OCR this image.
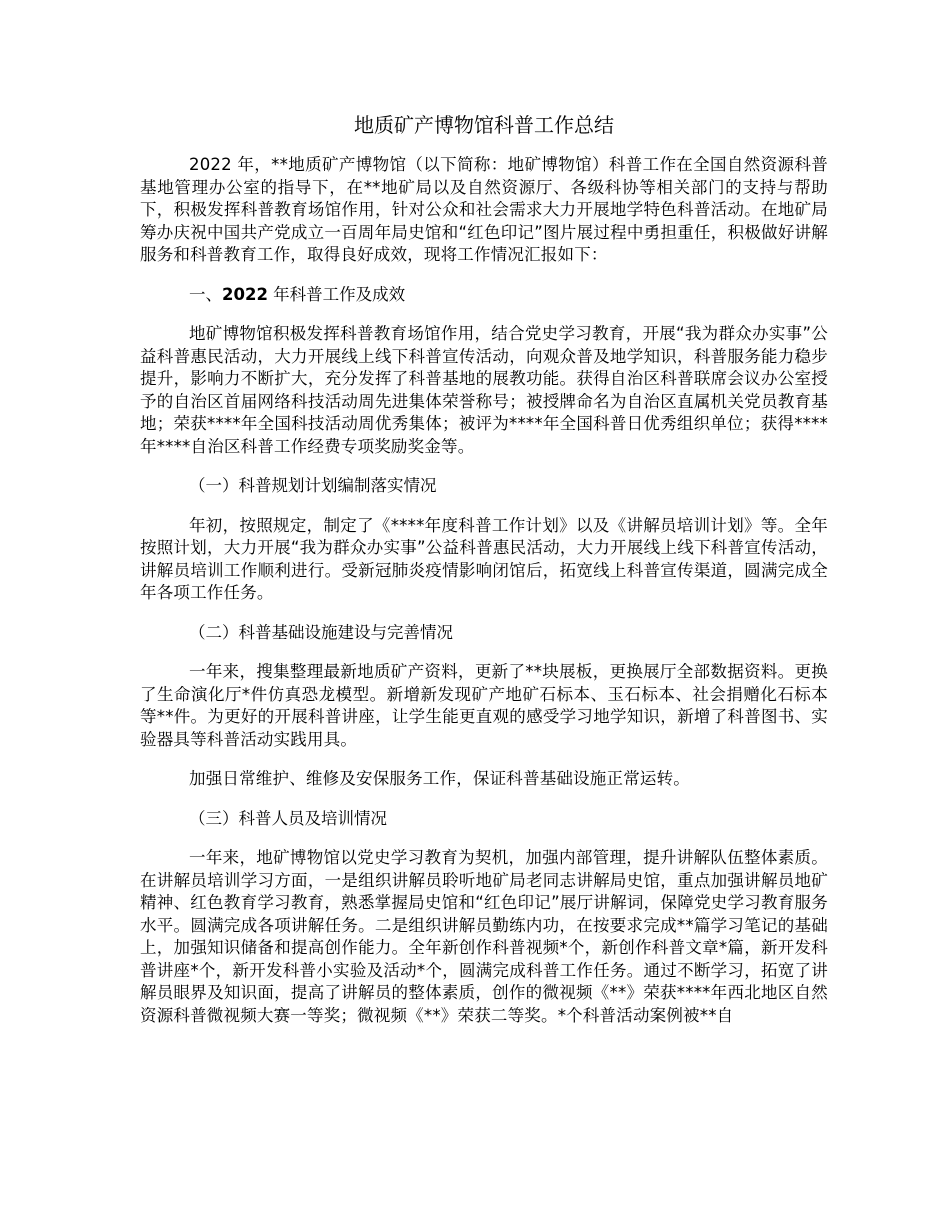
地质矿产博物馆科普工作总结

2022 年，**地质矿产博物馆（以下简称：地矿博物馆）科普工作在全国自然资源科普基地管理办公室的指导下，在**地矿局以及自然资源厅、各级科协等相关部门的支持与帮助下，积极发挥科普教育场馆作用，针对公众和社会需求大力开展地学特色科普活动。在地矿局筹办庆祝中国共产党成立一百周年局史馆和“红色印记”图片展过程中勇担重任，积极做好讲解服务和科普教育工作，取得良好成效，现将工作情况汇报如下：

一、2022 年科普工作及成效

地矿博物馆积极发挥科普教育场馆作用，结合党史学习教育，开展“我为群众办实事”公益科普惠民活动，大力开展线上线下科普宣传活动，向观众普及地学知识，科普服务能力稳步提升，影响力不断扩大，充分发挥了科普基地的展教功能。获得自治区科普联席会议办公室授予的自治区首届网络科技活动周先进集体荣誉称号；被授牌命名为自治区直属机关党员教育基地；荣获****年全国科技活动周优秀集体；被评为****年全国科普日优秀组织单位；获得****年****自治区科普工作经费专项奖励奖金等。

（一）科普规划计划编制落实情况

年初，按照规定，制定了《****年度科普工作计划》以及《讲解员培训计划》等。全年按照计划，大力开展“我为群众办实事”公益科普惠民活动，大力开展线上线下科普宣传活动，讲解员培训工作顺利进行。受新冠肺炎疫情影响闭馆后，拓宽线上科普宣传渠道，圆满完成全年各项工作任务。

（二）科普基础设施建设与完善情况

一年来，搜集整理最新地质矿产资料，更新了**块展板，更换展厅全部数据资料。更换了生命演化厅*件仿真恐龙模型。新增新发现矿产地矿石标本、玉石标本、社会捐赠化石标本等**件。为更好的开展科普讲座，让学生能更直观的感受学习地学知识，新增了科普图书、实验器具等科普活动实践用具。

加强日常维护、维修及安保服务工作，保证科普基础设施正常运转。

（三）科普人员及培训情况

一年来，地矿博物馆以党史学习教育为契机，加强内部管理，提升讲解队伍整体素质。在讲解员培训学习方面，一是组织讲解员聆听地矿局老同志讲解局史馆，重点加强讲解员地矿精神、红色教育学习教育，熟悉掌握局史馆和“红色印记”展厅讲解词，保障党史学习教育服务水平。圆满完成各项讲解任务。二是组织讲解员勤练内功，在按要求完成**篇学习笔记的基础上，加强知识储备和提高创作能力。全年新创作科普视频*个，新创作科普文章*篇，新开发科普讲座*个，新开发科普小实验及活动*个，圆满完成科普工作任务。通过不断学习，拓宽了讲解员眼界及知识面，提高了讲解员的整体素质，创作的微视频《**》荣获****年西北地区自然资源科普微视频大赛一等奖；微视频《**》荣获二等奖。*个科普活动案例被**自
